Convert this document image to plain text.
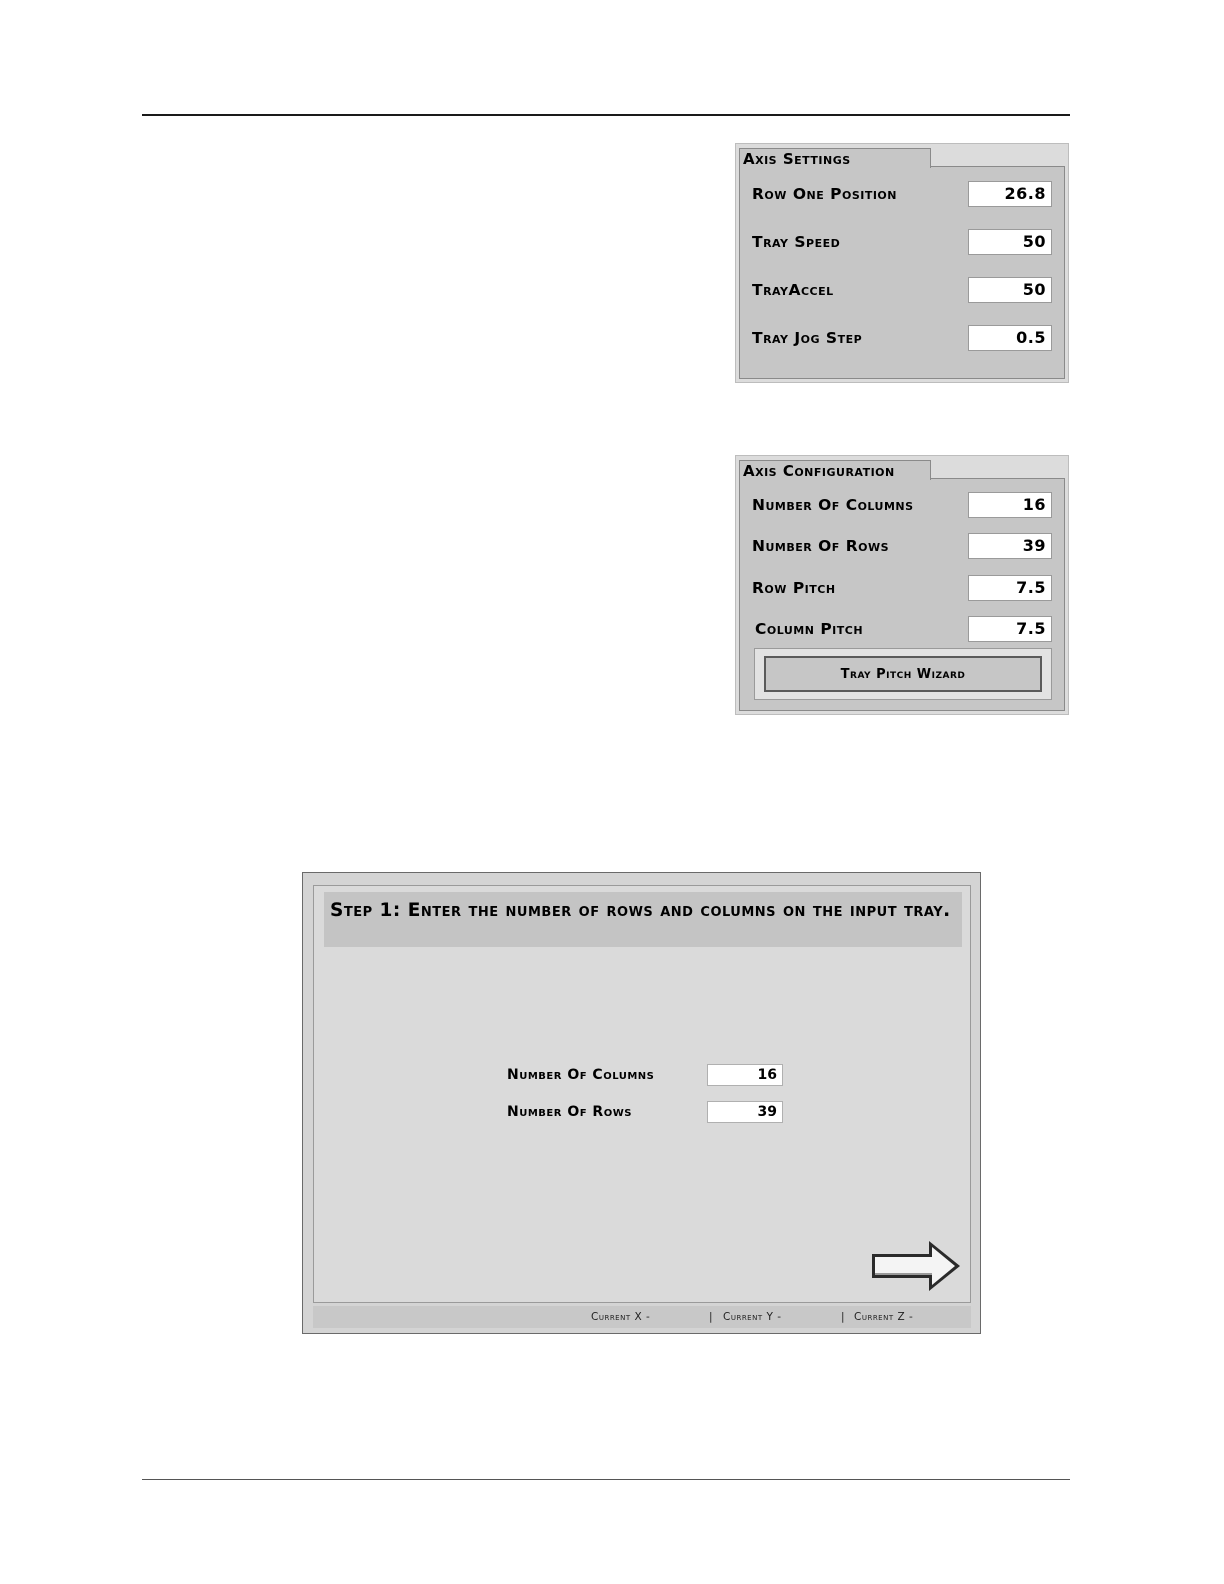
Axis Settings
Row One Position	26.8
Tray Speed	50
TrayAccel	50
Tray Jog Step	0.5
Axis Configuration
Number Of Columns	16
Number Of Rows	39
Row Pitch	7.5
Column Pitch	7.5
Tray Pitch Wizard
Step 1: Enter the number of rows and columns on the input tray.
Number Of Columns	16
Number Of Rows	39
Current X -	| Current Y -	| Current Z -
